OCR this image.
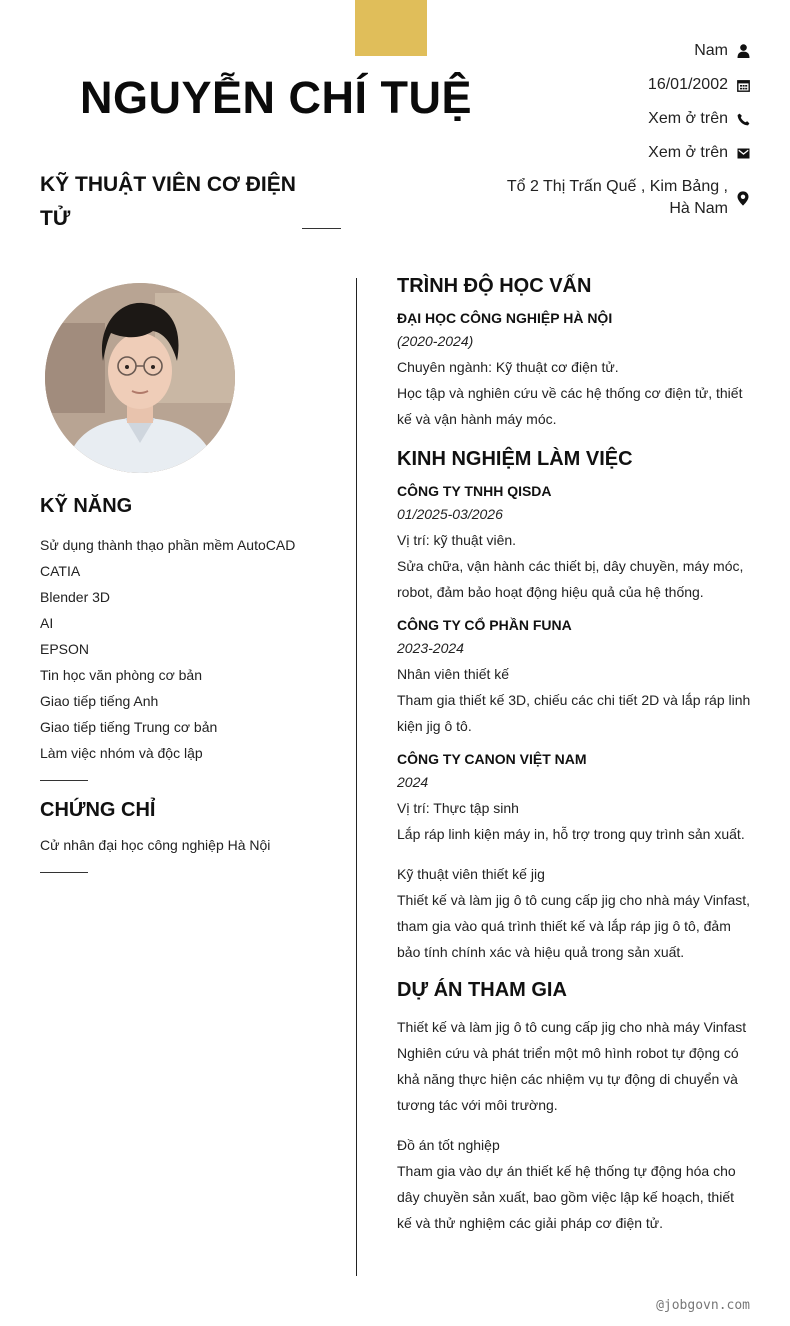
NGUYỄN CHÍ TUỆ
KỸ THUẬT VIÊN CƠ ĐIỆN TỬ
Nam
16/01/2002
Xem ở trên
Xem ở trên
Tổ 2 Thị Trấn Quế , Kim Bảng , Hà Nam
KỸ NĂNG
Sử dụng thành thạo phần mềm AutoCAD
CATIA
Blender 3D
AI
EPSON
Tin học văn phòng cơ bản
Giao tiếp tiếng Anh
Giao tiếp tiếng Trung cơ bản
Làm việc nhóm và độc lập
CHỨNG CHỈ
Cử nhân đại học công nghiệp Hà Nội
TRÌNH ĐỘ HỌC VẤN
ĐẠI HỌC CÔNG NGHIỆP HÀ NỘI
(2020-2024)
Chuyên ngành: Kỹ thuật cơ điện tử.
Học tập và nghiên cứu về các hệ thống cơ điện tử, thiết kế và vận hành máy móc.
KINH NGHIỆM LÀM VIỆC
CÔNG TY TNHH QISDA
01/2025-03/2026
Vị trí: kỹ thuật viên.
Sửa chữa, vận hành các thiết bị, dây chuyền, máy móc, robot, đảm bảo hoạt động hiệu quả của hệ thống.
CÔNG TY CỔ PHẦN FUNA
2023-2024
Nhân viên thiết kế
Tham gia thiết kế 3D, chiếu các chi tiết 2D và lắp ráp linh kiện jig ô tô.
CÔNG TY CANON VIỆT NAM
2024
Vị trí: Thực tập sinh
Lắp ráp linh kiện máy in, hỗ trợ trong quy trình sản xuất.
Kỹ thuật viên thiết kế jig
Thiết kế và làm jig ô tô cung cấp jig cho nhà máy Vinfast, tham gia vào quá trình thiết kế và lắp ráp jig ô tô, đảm bảo tính chính xác và hiệu quả trong sản xuất.
DỰ ÁN THAM GIA
Thiết kế và làm jig ô tô cung cấp jig cho nhà máy Vinfast
Nghiên cứu và phát triển một mô hình robot tự động có khả năng thực hiện các nhiệm vụ tự động di chuyển và tương tác với môi trường.
Đồ án tốt nghiệp
Tham gia vào dự án thiết kế hệ thống tự động hóa cho dây chuyền sản xuất, bao gồm việc lập kế hoạch, thiết kế và thử nghiệm các giải pháp cơ điện tử.
@jobgovn.com
